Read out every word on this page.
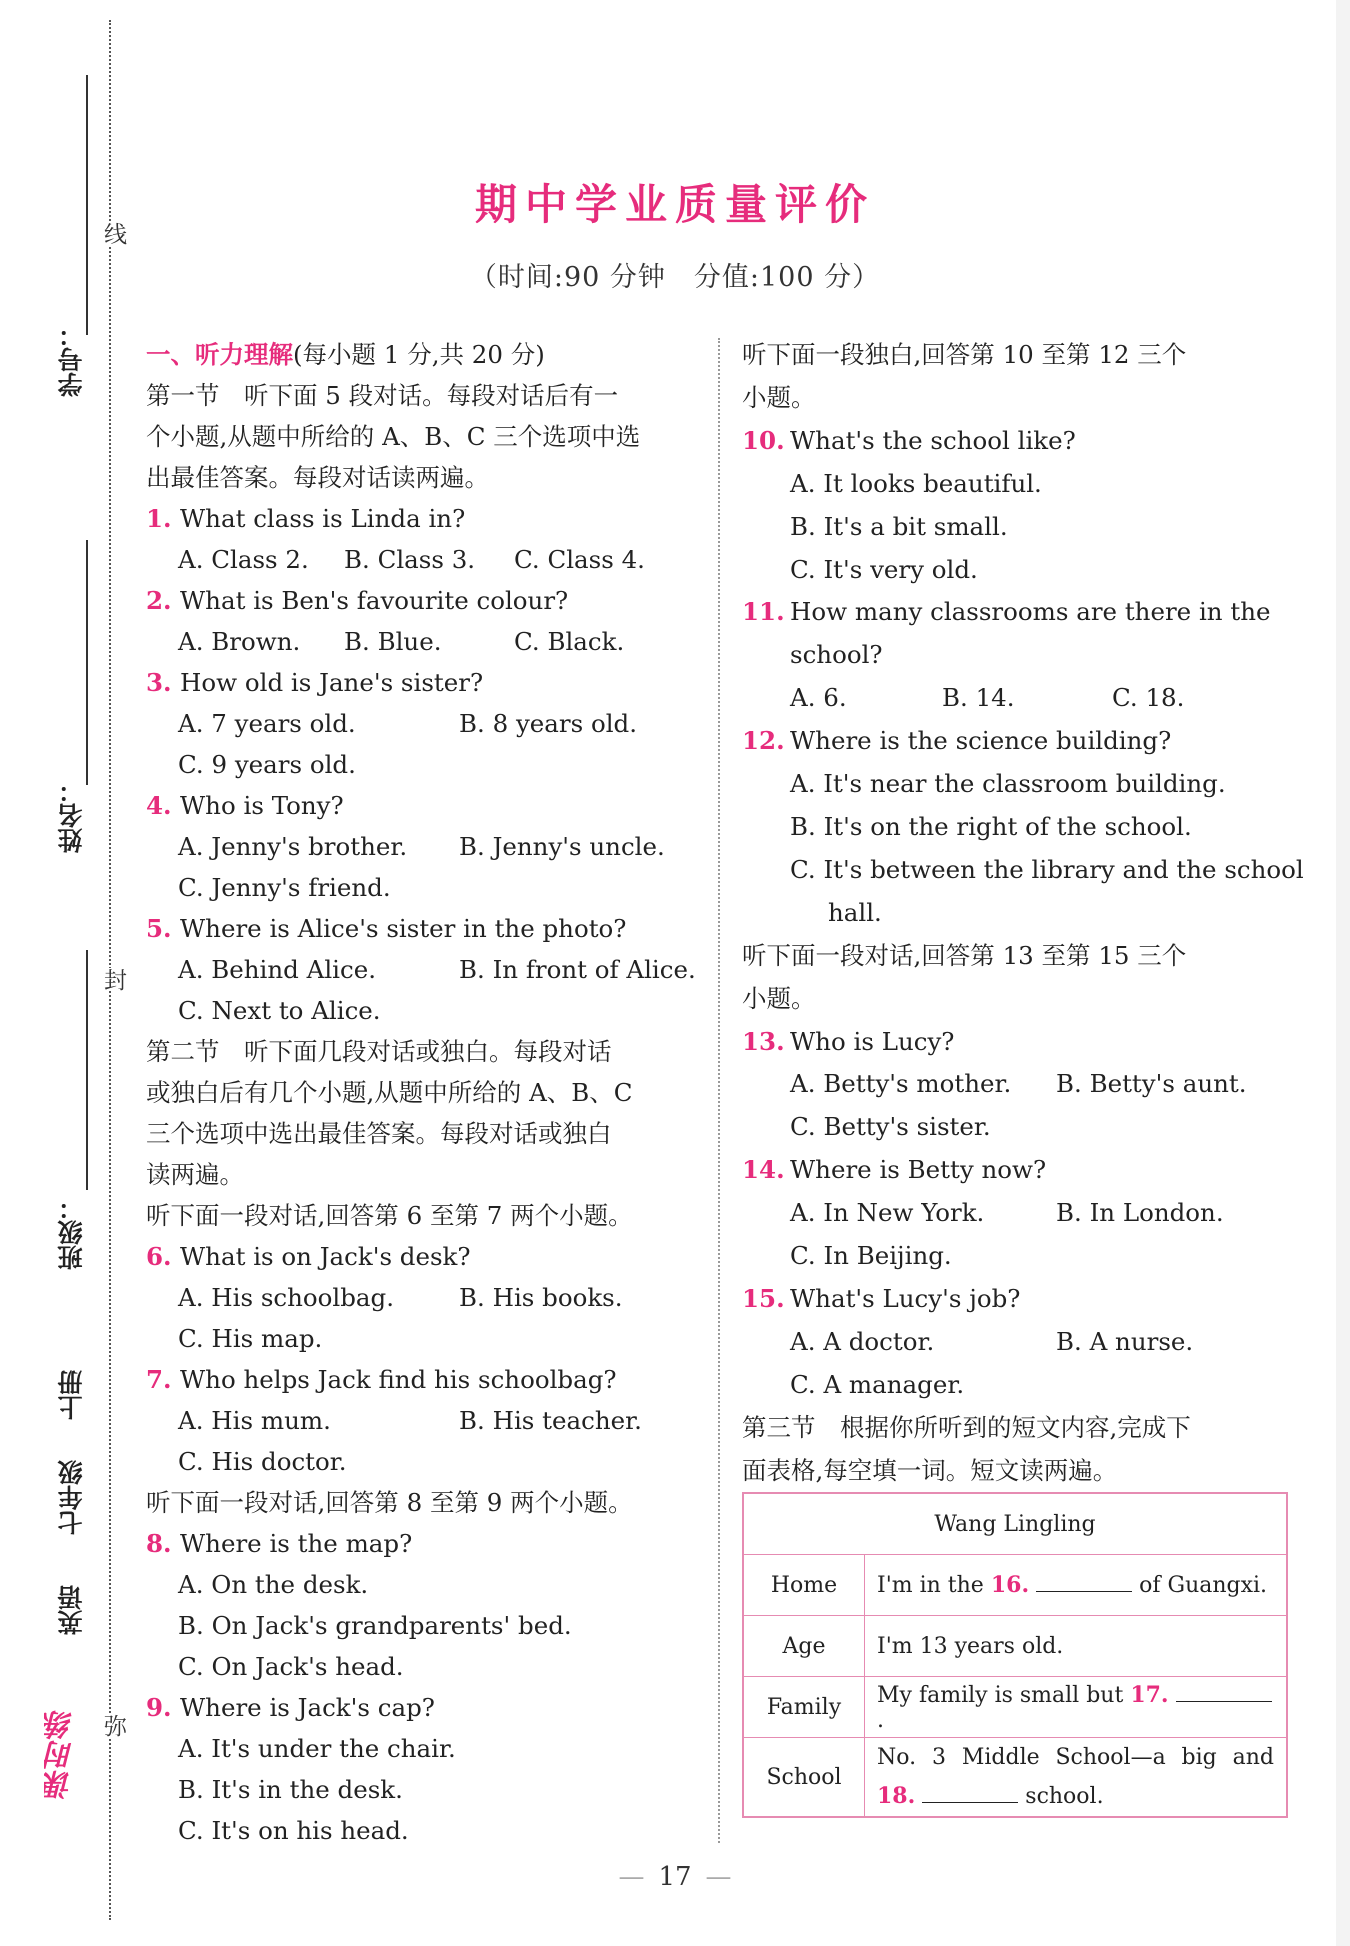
学号：
姓名：
班级：
上册
七年级
英语
课时练
线
封
弥
期中学业质量评价
（时间:90 分钟　分值:100 分）
一、听力理解(每小题 1 分,共 20 分)
第一节　听下面 5 段对话。每段对话后有一
个小题,从题中所给的 A、B、C 三个选项中选
出最佳答案。每段对话读两遍。
1. What class is Linda in?
A. Class 2. B. Class 3. C. Class 4.
2. What is Ben's favourite colour?
A. Brown. B. Blue.	C. Black.
3. How old is Jane's sister?
A. 7 years old.	B. 8 years old.
C. 9 years old.
4. Who is Tony?
A. Jenny's brother. B. Jenny's uncle.
C. Jenny's friend.
5. Where is Alice's sister in the photo?
A. Behind Alice.	B. In front of Alice.
C. Next to Alice.
第二节　听下面几段对话或独白。每段对话
或独白后有几个小题,从题中所给的 A、B、C
三个选项中选出最佳答案。每段对话或独白
读两遍。
听下面一段对话,回答第 6 至第 7 两个小题。
6. What is on Jack's desk?
A. His schoolbag.	B. His books.
C. His map.
7. Who helps Jack find his schoolbag?
A. His mum.	B. His teacher.
C. His doctor.
听下面一段对话,回答第 8 至第 9 两个小题。
8. Where is the map?
A. On the desk.
B. On Jack's grandparents' bed.
C. On Jack's head.
9. Where is Jack's cap?
A. It's under the chair.
B. It's in the desk.
C. It's on his head.
听下面一段独白,回答第 10 至第 12 三个
小题。
10. What's the school like?
A. It looks beautiful.
B. It's a bit small.
C. It's very old.
11. How many classrooms are there in the
school?
A. 6.	B. 14.	C. 18.
12. Where is the science building?
A. It's near the classroom building.
B. It's on the right of the school.
C. It's between the library and the school
hall.
听下面一段对话,回答第 13 至第 15 三个
小题。
13. Who is Lucy?
A. Betty's mother. B. Betty's aunt.
C. Betty's sister.
14. Where is Betty now?
A. In New York.	B. In London.
C. In Beijing.
15. What's Lucy's job?
A. A doctor.	B. A nurse.
C. A manager.
第三节　根据你所听到的短文内容,完成下
面表格,每空填一词。短文读两遍。
Wang Lingling	
Home	I'm in the 16. of Guangxi.
Age	I'm 13 years old.
Family	My family is small but 17. .
School	No. 3 Middle School—a big and
18. school.
— 17 —
